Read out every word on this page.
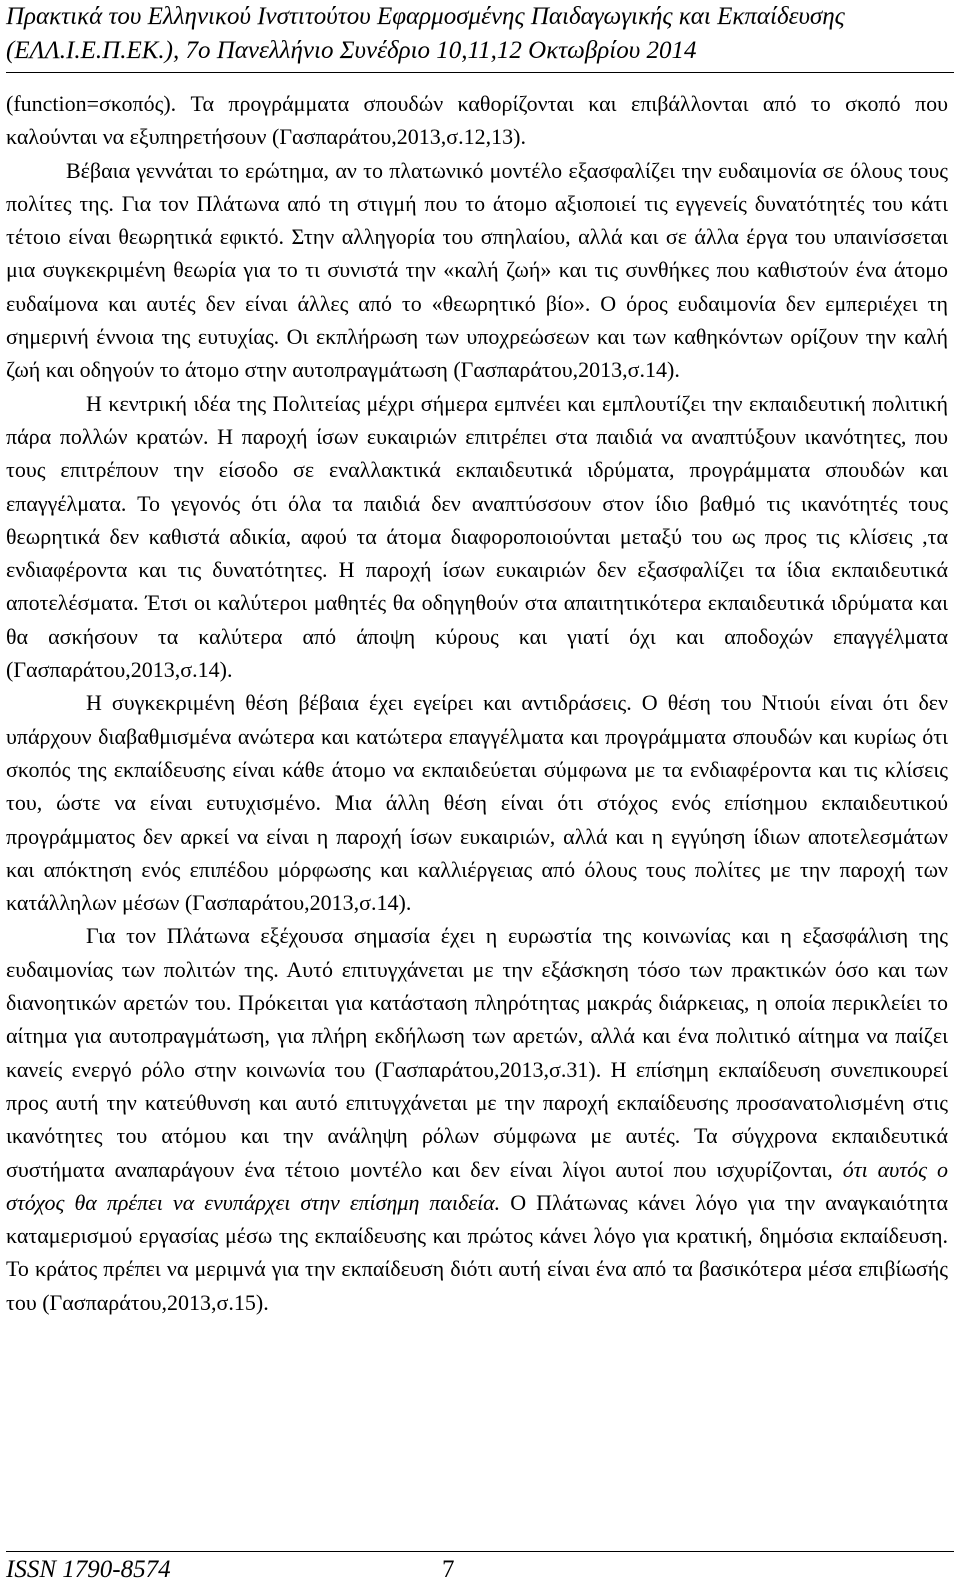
Πρακτικά του Ελληνικού Ινστιτούτου Εφαρμοσμένης Παιδαγωγικής και Εκπαίδευσης
(ΕΛΛ.Ι.Ε.Π.ΕΚ.), 7ο Πανελλήνιο Συνέδριο 10,11,12 Οκτωβρίου 2014

(function=σκοπός). Τα προγράμματα σπουδών καθορίζονται και επιβάλλονται από το σκοπό που καλούνται να εξυπηρετήσουν (Γασπαράτου,2013,σ.12,13).

Βέβαια γεννάται το ερώτημα, αν το πλατωνικό μοντέλο εξασφαλίζει την ευδαιμονία σε όλους τους πολίτες της. Για τον Πλάτωνα από τη στιγμή που το άτομο αξιοποιεί τις εγγενείς δυνατότητές του κάτι τέτοιο είναι θεωρητικά εφικτό. Στην αλληγορία του σπηλαίου, αλλά και σε άλλα έργα του υπαινίσσεται μια συγκεκριμένη θεωρία για το τι συνιστά την «καλή ζωή» και τις συνθήκες που καθιστούν ένα άτομο ευδαίμονα και αυτές δεν είναι άλλες από το «θεωρητικό βίο». Ο όρος ευδαιμονία δεν εμπεριέχει τη σημερινή έννοια της ευτυχίας. Οι εκπλήρωση των υποχρεώσεων και των καθηκόντων ορίζουν την καλή ζωή και οδηγούν το άτομο στην αυτοπραγμάτωση (Γασπαράτου,2013,σ.14).

Η κεντρική ιδέα της Πολιτείας μέχρι σήμερα εμπνέει και εμπλουτίζει την εκπαιδευτική πολιτική πάρα πολλών κρατών. Η παροχή ίσων ευκαιριών επιτρέπει στα παιδιά να αναπτύξουν ικανότητες, που τους επιτρέπουν την είσοδο σε εναλλακτικά εκπαιδευτικά ιδρύματα, προγράμματα σπουδών και επαγγέλματα. Το γεγονός ότι όλα τα παιδιά δεν αναπτύσσουν στον ίδιο βαθμό τις ικανότητές τους θεωρητικά δεν καθιστά αδικία, αφού τα άτομα διαφοροποιούνται μεταξύ του ως προς τις κλίσεις ,τα ενδιαφέροντα και τις δυνατότητες. Η παροχή ίσων ευκαιριών δεν εξασφαλίζει τα ίδια εκπαιδευτικά αποτελέσματα. Έτσι οι καλύτεροι μαθητές θα οδηγηθούν στα απαιτητικότερα εκπαιδευτικά ιδρύματα και θα ασκήσουν τα καλύτερα από άποψη κύρους και γιατί όχι και αποδοχών επαγγέλματα (Γασπαράτου,2013,σ.14).

Η συγκεκριμένη θέση βέβαια έχει εγείρει και αντιδράσεις. Ο θέση του Ντιούι είναι ότι δεν υπάρχουν διαβαθμισμένα ανώτερα και κατώτερα επαγγέλματα και προγράμματα σπουδών και κυρίως ότι σκοπός της εκπαίδευσης είναι κάθε άτομο να εκπαιδεύεται σύμφωνα με τα ενδιαφέροντα και τις κλίσεις του, ώστε να είναι ευτυχισμένο. Μια άλλη θέση είναι ότι στόχος ενός επίσημου εκπαιδευτικού προγράμματος δεν αρκεί να είναι η παροχή ίσων ευκαιριών, αλλά και η εγγύηση ίδιων αποτελεσμάτων και απόκτηση ενός επιπέδου μόρφωσης και καλλιέργειας από όλους τους πολίτες με την παροχή των κατάλληλων μέσων (Γασπαράτου,2013,σ.14).

Για τον Πλάτωνα εξέχουσα σημασία έχει η ευρωστία της κοινωνίας και η εξασφάλιση της ευδαιμονίας των πολιτών της. Αυτό επιτυγχάνεται με την εξάσκηση τόσο των πρακτικών όσο και των διανοητικών αρετών του. Πρόκειται για κατάσταση πληρότητας μακράς διάρκειας, η οποία περικλείει το αίτημα για αυτοπραγμάτωση, για πλήρη εκδήλωση των αρετών, αλλά και ένα πολιτικό αίτημα να παίζει κανείς ενεργό ρόλο στην κοινωνία του (Γασπαράτου,2013,σ.31). Η επίσημη εκπαίδευση συνεπικουρεί προς αυτή την κατεύθυνση και αυτό επιτυγχάνεται με την παροχή εκπαίδευσης προσανατολισμένη στις ικανότητες του ατόμου και την ανάληψη ρόλων σύμφωνα με αυτές. Τα σύγχρονα εκπαιδευτικά συστήματα αναπαράγουν ένα τέτοιο μοντέλο και δεν είναι λίγοι αυτοί που ισχυρίζονται, ότι αυτός ο στόχος θα πρέπει να ενυπάρχει στην επίσημη παιδεία. Ο Πλάτωνας κάνει λόγο για την αναγκαιότητα καταμερισμού εργασίας μέσω της εκπαίδευσης και πρώτος κάνει λόγο για κρατική, δημόσια εκπαίδευση. Το κράτος πρέπει να μεριμνά για την εκπαίδευση διότι αυτή είναι ένα από τα βασικότερα μέσα επιβίωσής του (Γασπαράτου,2013,σ.15).

ISSN 1790-8574	7
